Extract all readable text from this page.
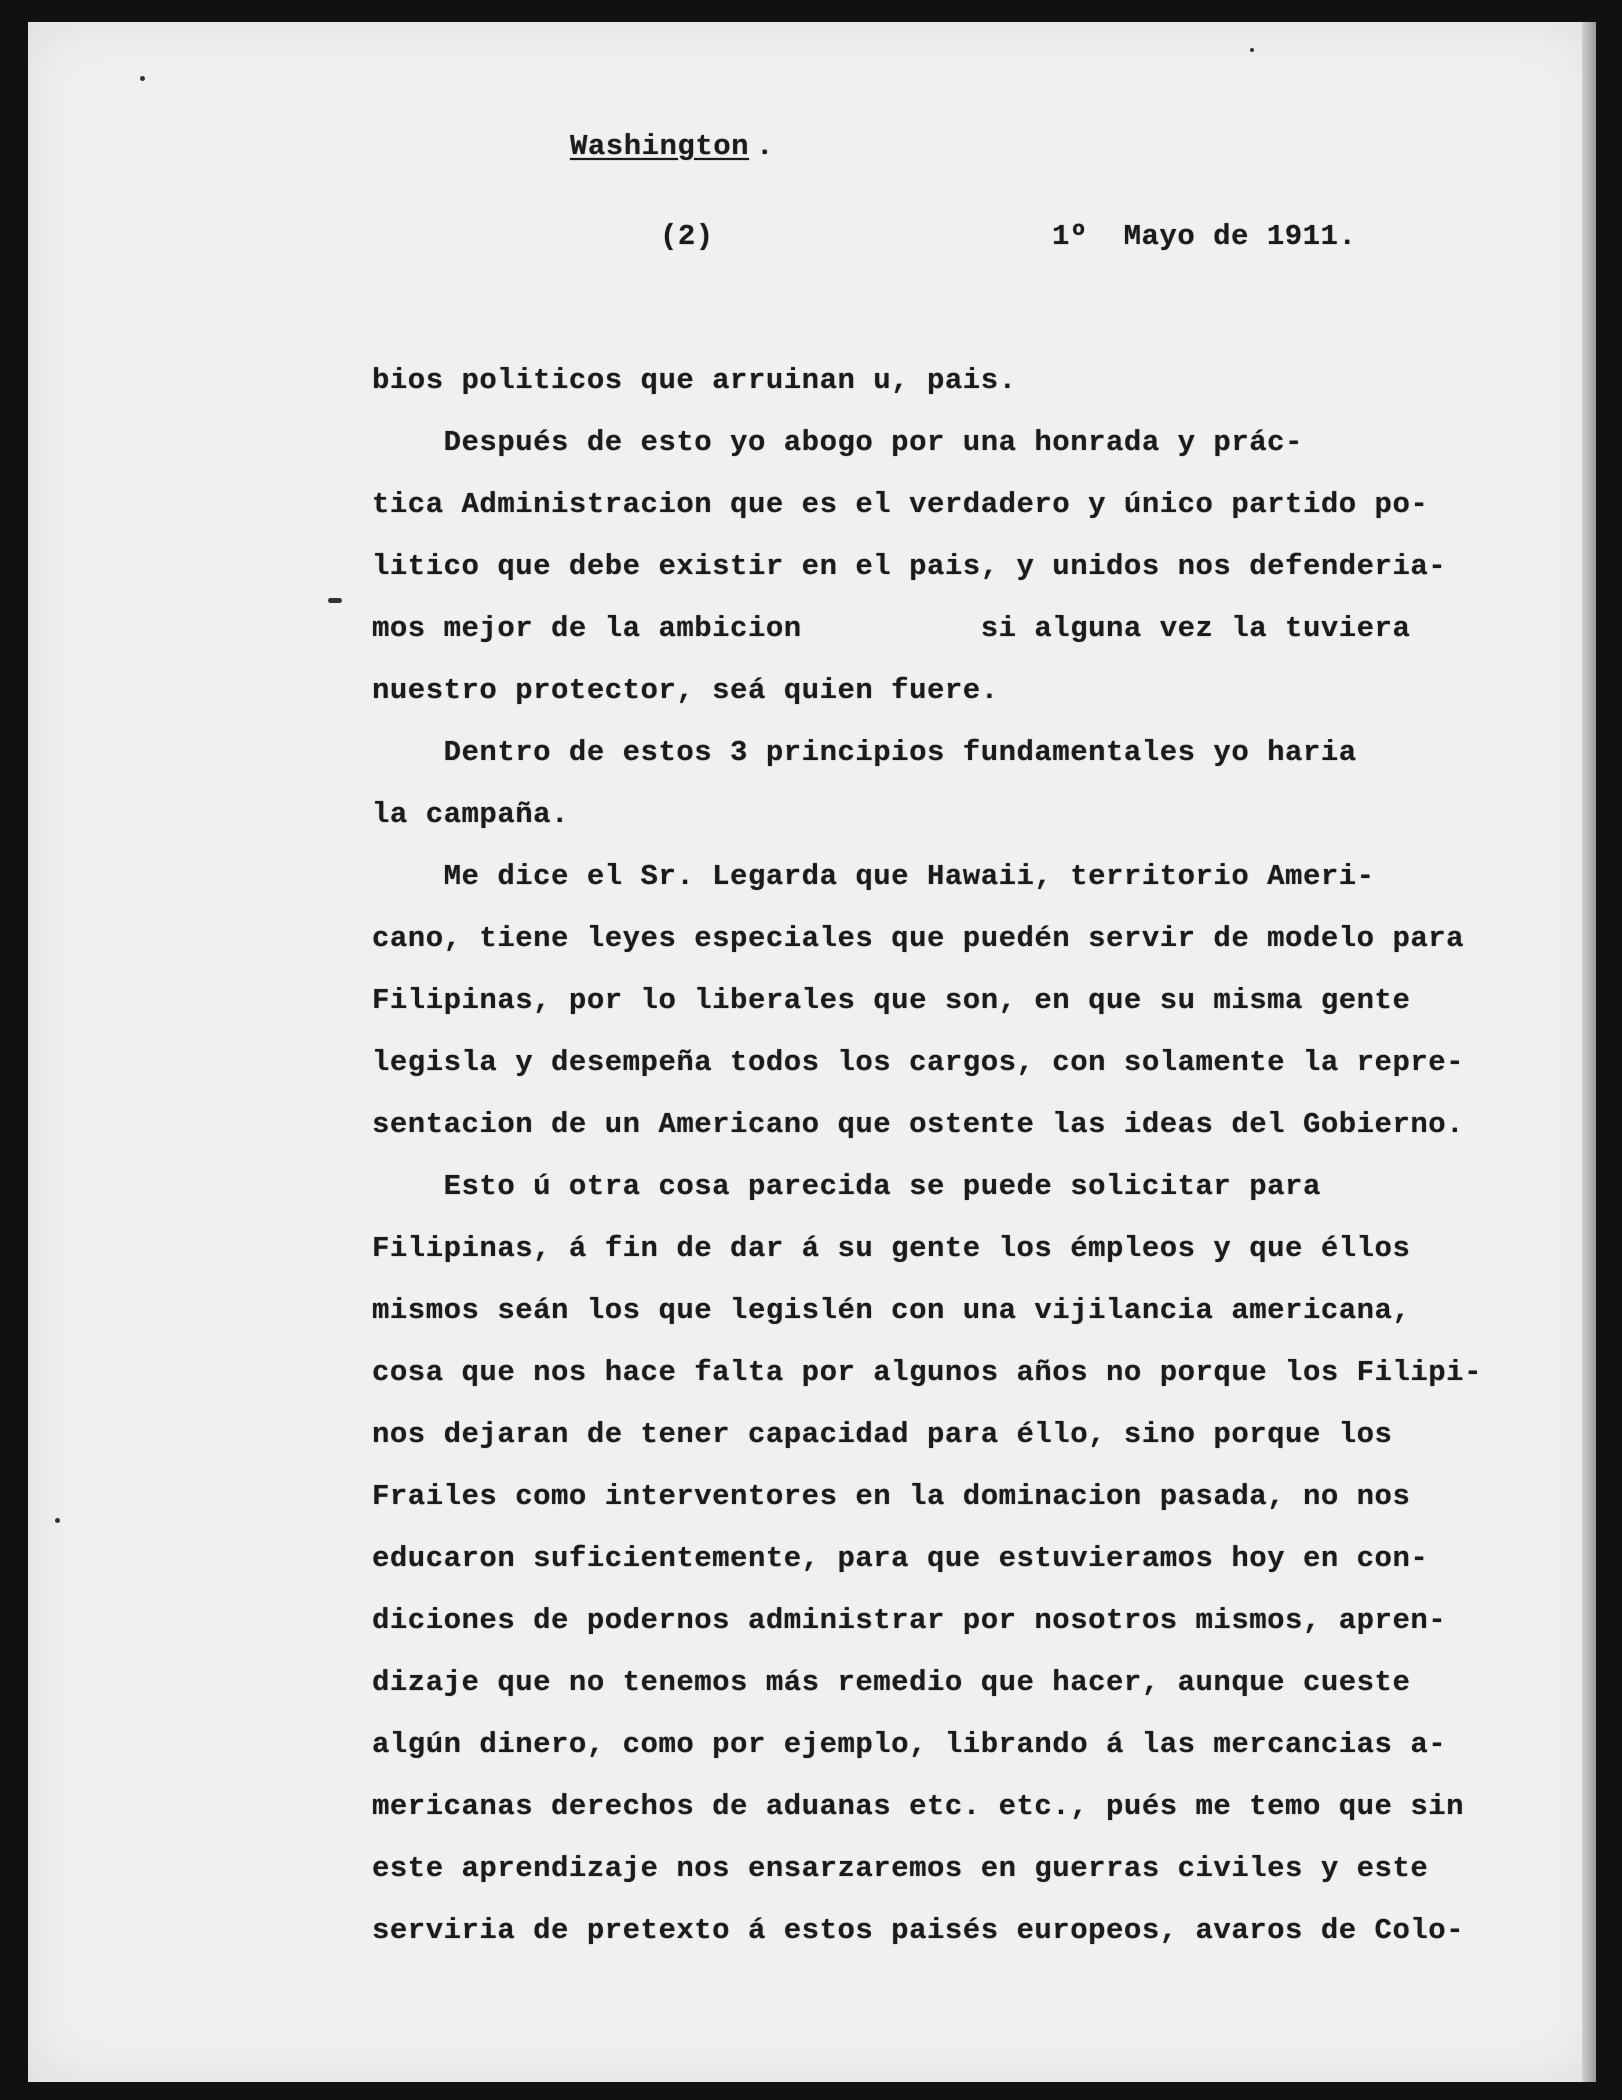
Washington .
(2)	1º  Mayo de 1911.
bios politicos que arruinan u, pais.
Después de esto yo abogo por una honrada y prác-
tica Administracion que es el verdadero y único partido po-
litico que debe existir en el pais, y unidos nos defenderia-
mos mejor de la ambicion          si alguna vez la tuviera
nuestro protector, seá quien fuere.
Dentro de estos 3 principios fundamentales yo haria
la campaña.
Me dice el Sr. Legarda que Hawaii, territorio Ameri-
cano, tiene leyes especiales que puedén servir de modelo para
Filipinas, por lo liberales que son, en que su misma gente
legisla y desempeña todos los cargos, con solamente la repre-
sentacion de un Americano que ostente las ideas del Gobierno.
Esto ú otra cosa parecida se puede solicitar para
Filipinas, á fin de dar á su gente los émpleos y que éllos
mismos seán los que legislén con una vijilancia americana,
cosa que nos hace falta por algunos años no porque los Filipi-
nos dejaran de tener capacidad para éllo, sino porque los
Frailes como interventores en la dominacion pasada, no nos
educaron suficientemente, para que estuvieramos hoy en con-
diciones de podernos administrar por nosotros mismos, apren-
dizaje que no tenemos más remedio que hacer, aunque cueste
algún dinero, como por ejemplo, librando á las mercancias a-
mericanas derechos de aduanas etc. etc., pués me temo que sin
este aprendizaje nos ensarzaremos en guerras civiles y este
serviria de pretexto á estos paisés europeos, avaros de Colo-
